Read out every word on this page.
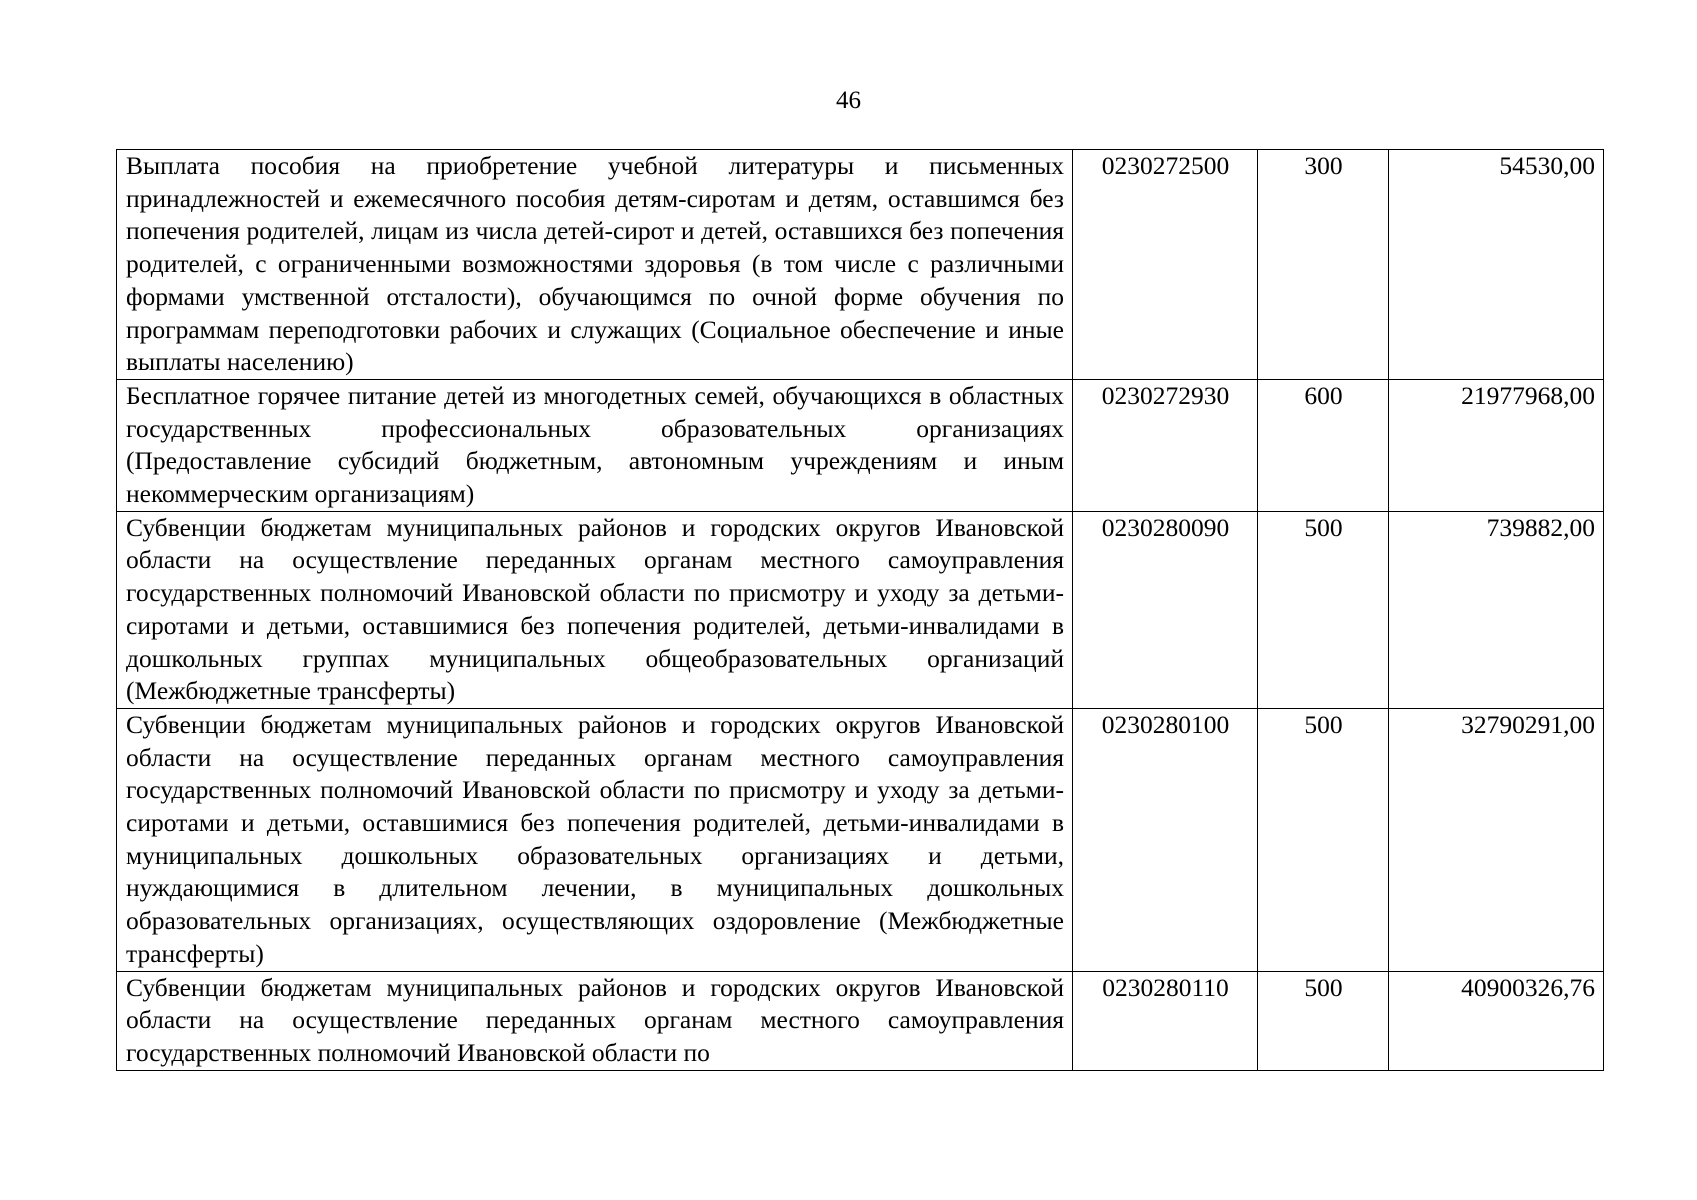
46
Выплата пособия на приобретение учебной литературы и письменных принадлежностей и ежемесячного пособия детям-сиротам и детям, оставшимся без попечения родителей, лицам из числа детей-сирот и детей, оставшихся без попечения родителей, с ограниченными возможностями здоровья (в том числе с различными формами умственной отсталости), обучающимся по очной форме обучения по программам переподготовки рабочих и служащих (Социальное обеспечение и иные выплаты населению)	0230272500	300	54530,00
Бесплатное горячее питание детей из многодетных семей, обучающихся в областных государственных профессиональных образовательных организациях (Предоставление субсидий бюджетным, автономным учреждениям и иным некоммерческим организациям)	0230272930	600	21977968,00
Субвенции бюджетам муниципальных районов и городских округов Ивановской области на осуществление переданных органам местного самоуправления государственных полномочий Ивановской области по присмотру и уходу за детьми-сиротами и детьми, оставшимися без попечения родителей, детьми-инвалидами в дошкольных группах муниципальных общеобразовательных организаций (Межбюджетные трансферты)	0230280090	500	739882,00
Субвенции бюджетам муниципальных районов и городских округов Ивановской области на осуществление переданных органам местного самоуправления государственных полномочий Ивановской области по присмотру и уходу за детьми-сиротами и детьми, оставшимися без попечения родителей, детьми-инвалидами в муниципальных дошкольных образовательных организациях и детьми, нуждающимися в длительном лечении, в муниципальных дошкольных образовательных организациях, осуществляющих оздоровление (Межбюджетные трансферты)	0230280100	500	32790291,00
Субвенции бюджетам муниципальных районов и городских округов Ивановской области на осуществление переданных органам местного самоуправления государственных полномочий Ивановской области по	0230280110	500	40900326,76
